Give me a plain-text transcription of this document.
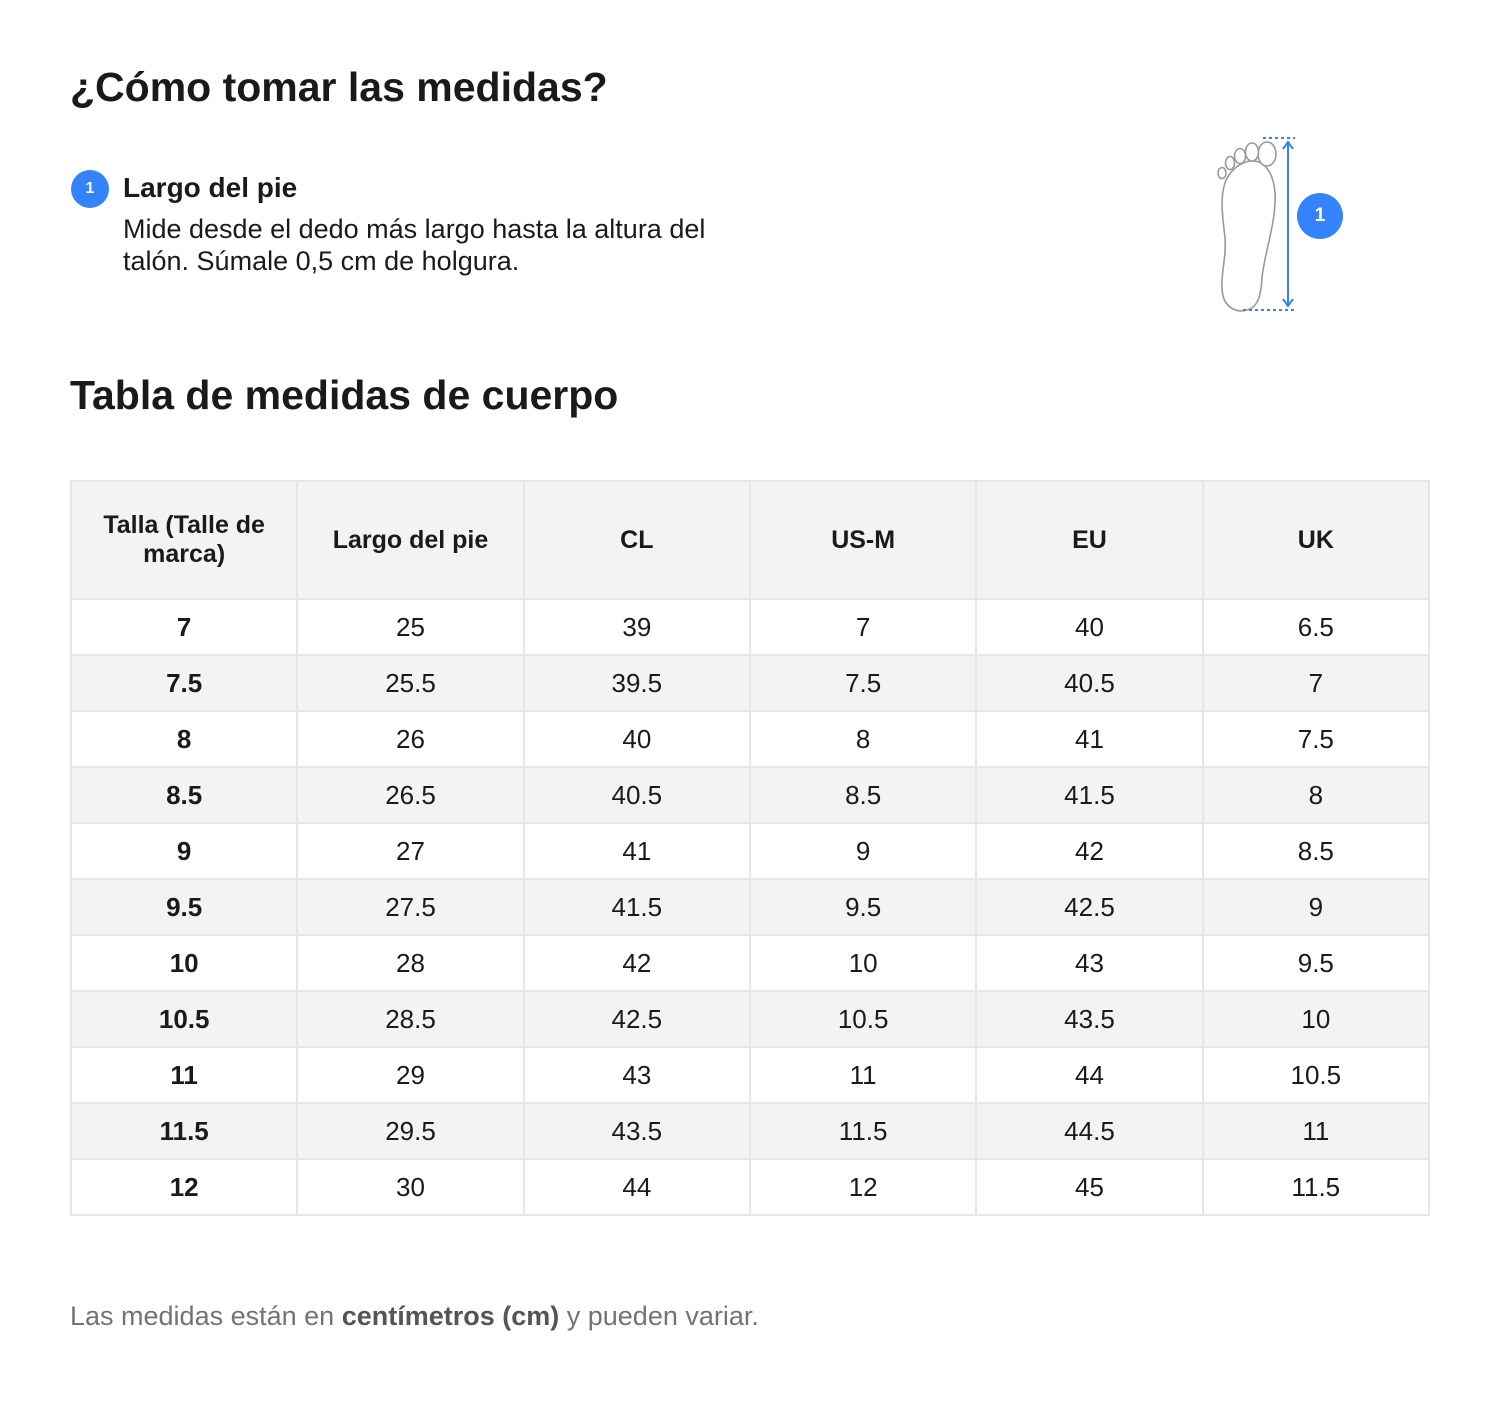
¿Cómo tomar las medidas?
1	Largo del pie
Mide desde el dedo más largo hasta la altura del talón. Súmale 0,5 cm de holgura.
1
Tabla de medidas de cuerpo
Talla (Talle de marca)	Largo del pie	CL	US-M	EU	UK
7	25	39	7	40	6.5
7.5	25.5	39.5	7.5	40.5	7
8	26	40	8	41	7.5
8.5	26.5	40.5	8.5	41.5	8
9	27	41	9	42	8.5
9.5	27.5	41.5	9.5	42.5	9
10	28	42	10	43	9.5
10.5	28.5	42.5	10.5	43.5	10
11	29	43	11	44	10.5
11.5	29.5	43.5	11.5	44.5	11
12	30	44	12	45	11.5
Las medidas están en centímetros (cm) y pueden variar.
